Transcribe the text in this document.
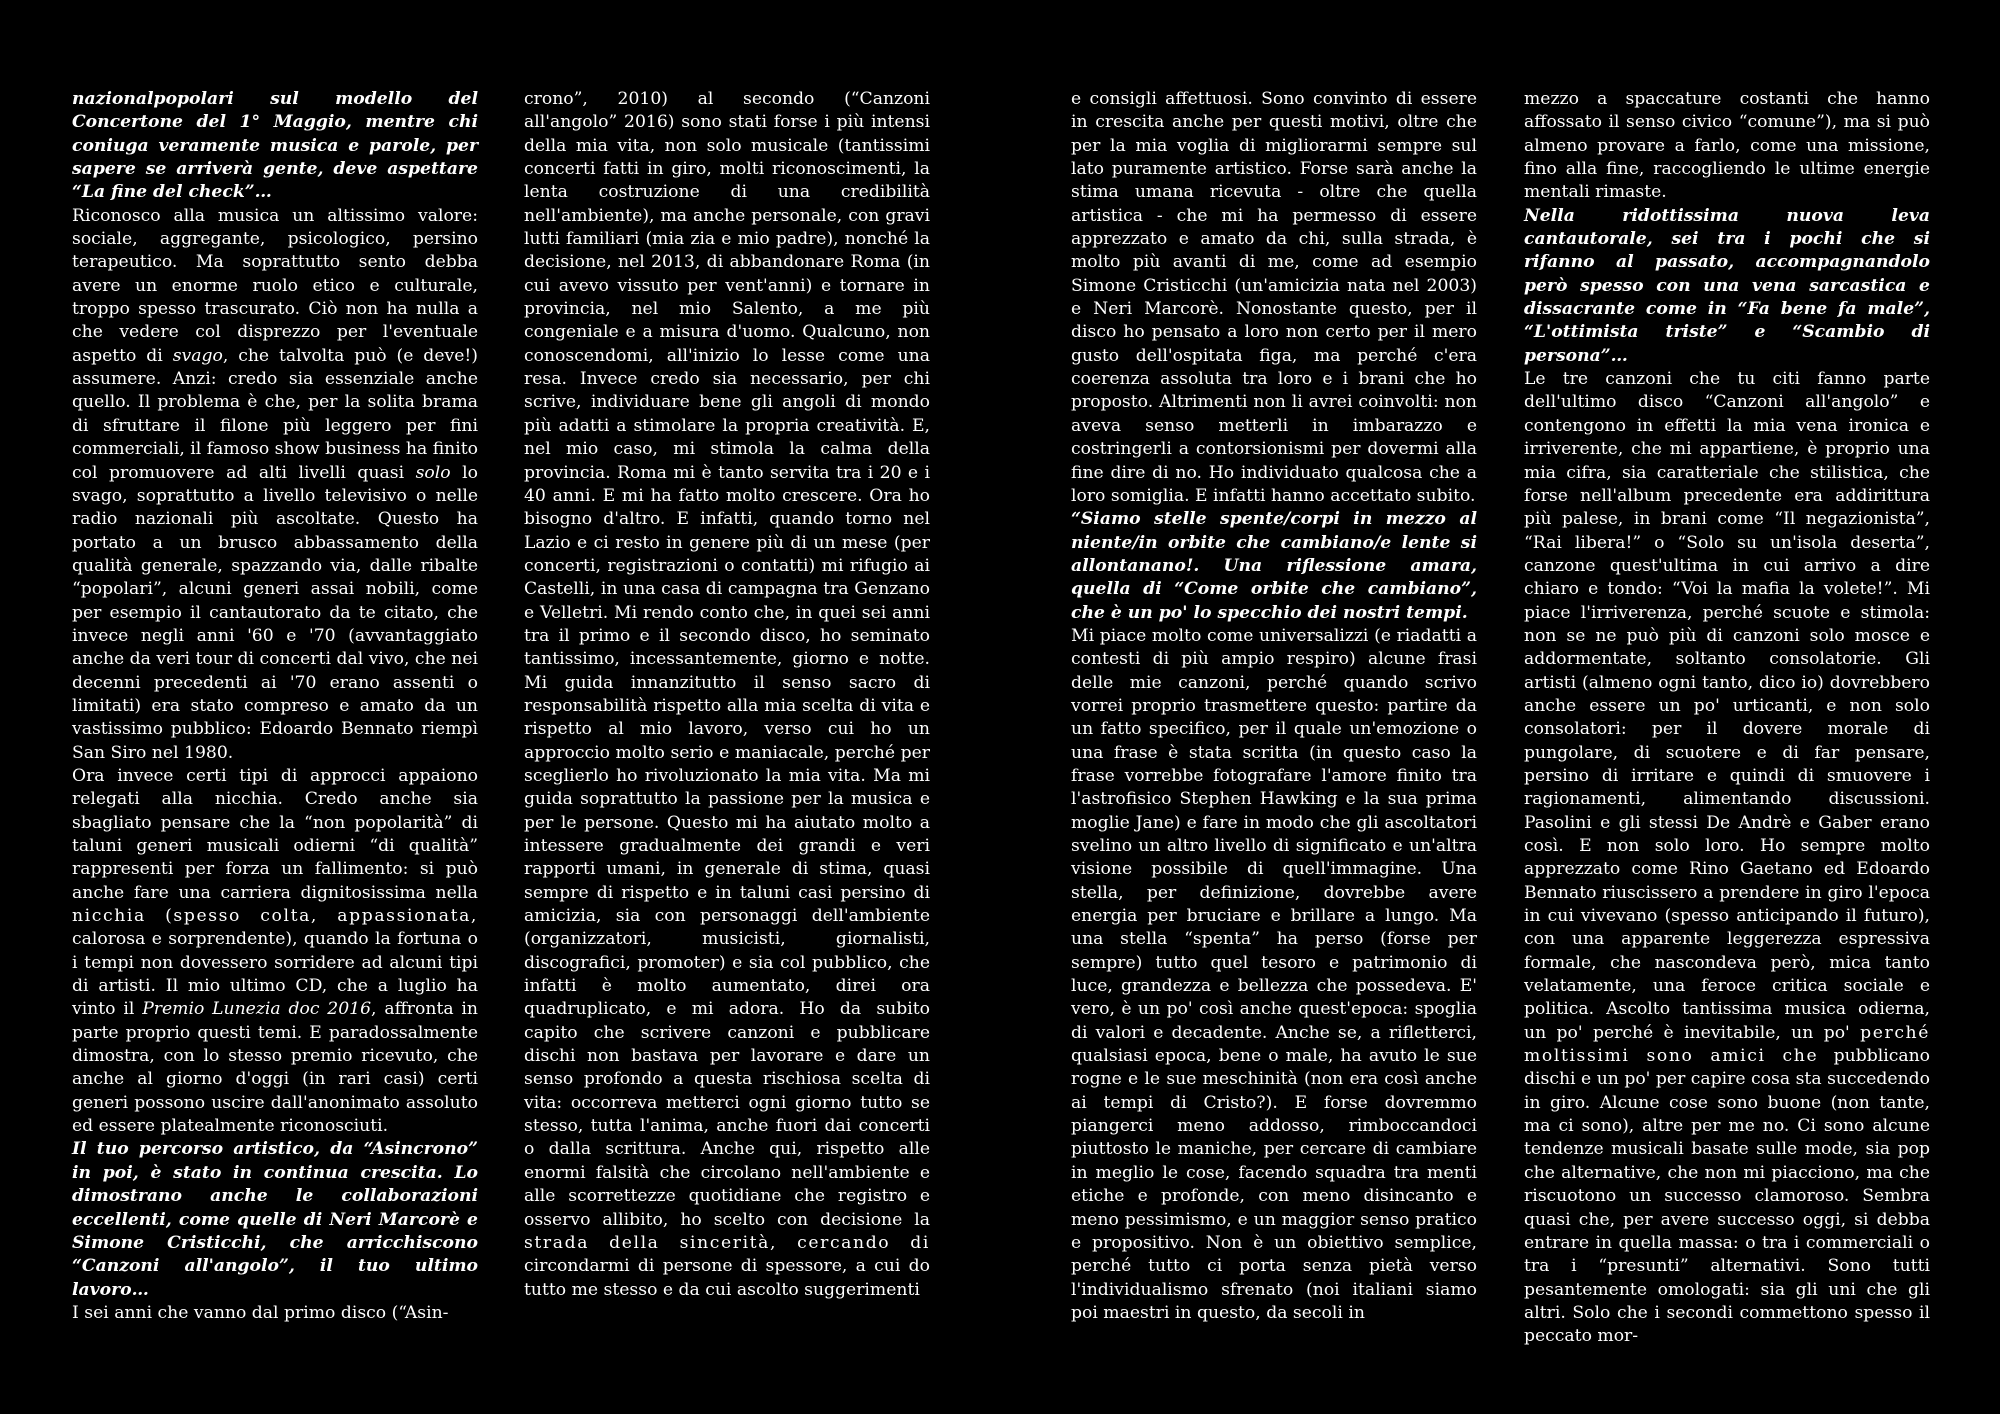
nazionalpopolari sul modello del Concertone del 1° Maggio, mentre chi coniuga veramente musica e parole, per sapere se arriverà gente, deve aspettare “La fine del check”…

Riconosco alla musica un altissimo valore: sociale, aggregante, psicologico, persino terapeutico. Ma soprattutto sento debba avere un enorme ruolo etico e culturale, troppo spesso trascurato. Ciò non ha nulla a che vedere col disprezzo per l'eventuale aspetto di svago, che talvolta può (e deve!) assumere. Anzi: credo sia essenziale anche quello. Il problema è che, per la solita brama di sfruttare il filone più leggero per fini commerciali, il famoso show business ha finito col promuovere ad alti livelli quasi solo lo svago, soprattutto a livello televisivo o nelle radio nazionali più ascoltate. Questo ha portato a un brusco abbassamento della qualità generale, spazzando via, dalle ribalte “popolari”, alcuni generi assai nobili, come per esempio il cantautorato da te citato, che invece negli anni '60 e '70 (avvantaggiato anche da veri tour di concerti dal vivo, che nei decenni precedenti ai '70 erano assenti o limitati) era stato compreso e amato da un vastissimo pubblico: Edoardo Bennato riempì San Siro nel 1980.

Ora invece certi tipi di approcci appaiono relegati alla nicchia. Credo anche sia sbagliato pensare che la “non popolarità” di taluni generi musicali odierni “di qualità” rappresenti per forza un fallimento: si può anche fare una carriera dignitosissima nella nicchia (spesso colta, appassionata, calorosa e sorprendente), quando la fortuna o i tempi non dovessero sorridere ad alcuni tipi di artisti. Il mio ultimo CD, che a luglio ha vinto il Premio Lunezia doc 2016, affronta in parte proprio questi temi. E paradossalmente dimostra, con lo stesso premio ricevuto, che anche al giorno d'oggi (in rari casi) certi generi possono uscire dall'anonimato assoluto ed essere platealmente riconosciuti.

Il tuo percorso artistico, da “Asincrono” in poi, è stato in continua crescita. Lo dimostrano anche le collaborazioni eccellenti, come quelle di Neri Marcorè e Simone Cristicchi, che arricchiscono “Canzoni all'angolo”, il tuo ultimo lavoro…

I sei anni che vanno dal primo disco (“Asin-

crono”, 2010) al secondo (“Canzoni all'angolo” 2016) sono stati forse i più intensi della mia vita, non solo musicale (tantissimi concerti fatti in giro, molti riconoscimenti, la lenta costruzione di una credibilità nell'ambiente), ma anche personale, con gravi lutti familiari (mia zia e mio padre), nonché la decisione, nel 2013, di abbandonare Roma (in cui avevo vissuto per vent'anni) e tornare in provincia, nel mio Salento, a me più congeniale e a misura d'uomo. Qualcuno, non conoscendomi, all'inizio lo lesse come una resa. Invece credo sia necessario, per chi scrive, individuare bene gli angoli di mondo più adatti a stimolare la propria creatività. E, nel mio caso, mi stimola la calma della provincia. Roma mi è tanto servita tra i 20 e i 40 anni. E mi ha fatto molto crescere. Ora ho bisogno d'altro. E infatti, quando torno nel Lazio e ci resto in genere più di un mese (per concerti, registrazioni o contatti) mi rifugio ai Castelli, in una casa di campagna tra Genzano e Velletri. Mi rendo conto che, in quei sei anni tra il primo e il secondo disco, ho seminato tantissimo, incessantemente, giorno e notte. Mi guida innanzitutto il senso sacro di responsabilità rispetto alla mia scelta di vita e rispetto al mio lavoro, verso cui ho un approccio molto serio e maniacale, perché per sceglierlo ho rivoluzionato la mia vita. Ma mi guida soprattutto la passione per la musica e per le persone. Questo mi ha aiutato molto a intessere gradualmente dei grandi e veri rapporti umani, in generale di stima, quasi sempre di rispetto e in taluni casi persino di amicizia, sia con personaggi dell'ambiente (organizzatori, musicisti, giornalisti, discografici, promoter) e sia col pubblico, che infatti è molto aumentato, direi ora quadruplicato, e mi adora. Ho da subito capito che scrivere canzoni e pubblicare dischi non bastava per lavorare e dare un senso profondo a questa rischiosa scelta di vita: occorreva metterci ogni giorno tutto se stesso, tutta l'anima, anche fuori dai concerti o dalla scrittura. Anche qui, rispetto alle enormi falsità che circolano nell'ambiente e alle scorrettezze quotidiane che registro e osservo allibito, ho scelto con decisione la strada della sincerità, cercando di circondarmi di persone di spessore, a cui do tutto me stesso e da cui ascolto suggerimenti

e consigli affettuosi. Sono convinto di essere in crescita anche per questi motivi, oltre che per la mia voglia di migliorarmi sempre sul lato puramente artistico. Forse sarà anche la stima umana ricevuta - oltre che quella artistica - che mi ha permesso di essere apprezzato e amato da chi, sulla strada, è molto più avanti di me, come ad esempio Simone Cristicchi (un'amicizia nata nel 2003) e Neri Marcorè. Nonostante questo, per il disco ho pensato a loro non certo per il mero gusto dell'ospitata figa, ma perché c'era coerenza assoluta tra loro e i brani che ho proposto. Altrimenti non li avrei coinvolti: non aveva senso metterli in imbarazzo e costringerli a contorsionismi per dovermi alla fine dire di no. Ho individuato qualcosa che a loro somiglia. E infatti hanno accettato subito.

“Siamo stelle spente/corpi in mezzo al niente/in orbite che cambiano/e lente si allontanano!. Una riflessione amara, quella di “Come orbite che cambiano”, che è un po' lo specchio dei nostri tempi.

Mi piace molto come universalizzi (e riadatti a contesti di più ampio respiro) alcune frasi delle mie canzoni, perché quando scrivo vorrei proprio trasmettere questo: partire da un fatto specifico, per il quale un'emozione o una frase è stata scritta (in questo caso la frase vorrebbe fotografare l'amore finito tra l'astrofisico Stephen Hawking e la sua prima moglie Jane) e fare in modo che gli ascoltatori svelino un altro livello di significato e un'altra visione possibile di quell'immagine. Una stella, per definizione, dovrebbe avere energia per bruciare e brillare a lungo. Ma una stella “spenta” ha perso (forse per sempre) tutto quel tesoro e patrimonio di luce, grandezza e bellezza che possedeva. E' vero, è un po' così anche quest'epoca: spoglia di valori e decadente. Anche se, a rifletterci, qualsiasi epoca, bene o male, ha avuto le sue rogne e le sue meschinità (non era così anche ai tempi di Cristo?). E forse dovremmo piangerci meno addosso, rimboccandoci piuttosto le maniche, per cercare di cambiare in meglio le cose, facendo squadra tra menti etiche e profonde, con meno disincanto e meno pessimismo, e un maggior senso pratico e propositivo. Non è un obiettivo semplice, perché tutto ci porta senza pietà verso l'individualismo sfrenato (noi italiani siamo poi maestri in questo, da secoli in

mezzo a spaccature costanti che hanno affossato il senso civico “comune”), ma si può almeno provare a farlo, come una missione, fino alla fine, raccogliendo le ultime energie mentali rimaste.

Nella ridottissima nuova leva cantautorale, sei tra i pochi che si rifanno al passato, accompagnandolo però spesso con una vena sarcastica e dissacrante come in “Fa bene fa male”, “L'ottimista triste” e “Scambio di persona”…

Le tre canzoni che tu citi fanno parte dell'ultimo disco “Canzoni all'angolo” e contengono in effetti la mia vena ironica e irriverente, che mi appartiene, è proprio una mia cifra, sia caratteriale che stilistica, che forse nell'album precedente era addirittura più palese, in brani come “Il negazionista”, “Rai libera!” o “Solo su un'isola deserta”, canzone quest'ultima in cui arrivo a dire chiaro e tondo: “Voi la mafia la volete!”. Mi piace l'irriverenza, perché scuote e stimola: non se ne può più di canzoni solo mosce e addormentate, soltanto consolatorie. Gli artisti (almeno ogni tanto, dico io) dovrebbero anche essere un po' urticanti, e non solo consolatori: per il dovere morale di pungolare, di scuotere e di far pensare, persino di irritare e quindi di smuovere i ragionamenti, alimentando discussioni. Pasolini e gli stessi De Andrè e Gaber erano così. E non solo loro. Ho sempre molto apprezzato come Rino Gaetano ed Edoardo Bennato riuscissero a prendere in giro l'epoca in cui vivevano (spesso anticipando il futuro), con una apparente leggerezza espressiva formale, che nascondeva però, mica tanto velatamente, una feroce critica sociale e politica. Ascolto tantissima musica odierna, un po' perché è inevitabile, un po' perché moltissimi sono amici che pubblicano dischi e un po' per capire cosa sta succedendo in giro. Alcune cose sono buone (non tante, ma ci sono), altre per me no. Ci sono alcune tendenze musicali basate sulle mode, sia pop che alternative, che non mi piacciono, ma che riscuotono un successo clamoroso. Sembra quasi che, per avere successo oggi, si debba entrare in quella massa: o tra i commerciali o tra i “presunti” alternativi. Sono tutti pesantemente omologati: sia gli uni che gli altri. Solo che i secondi commettono spesso il peccato mor-
